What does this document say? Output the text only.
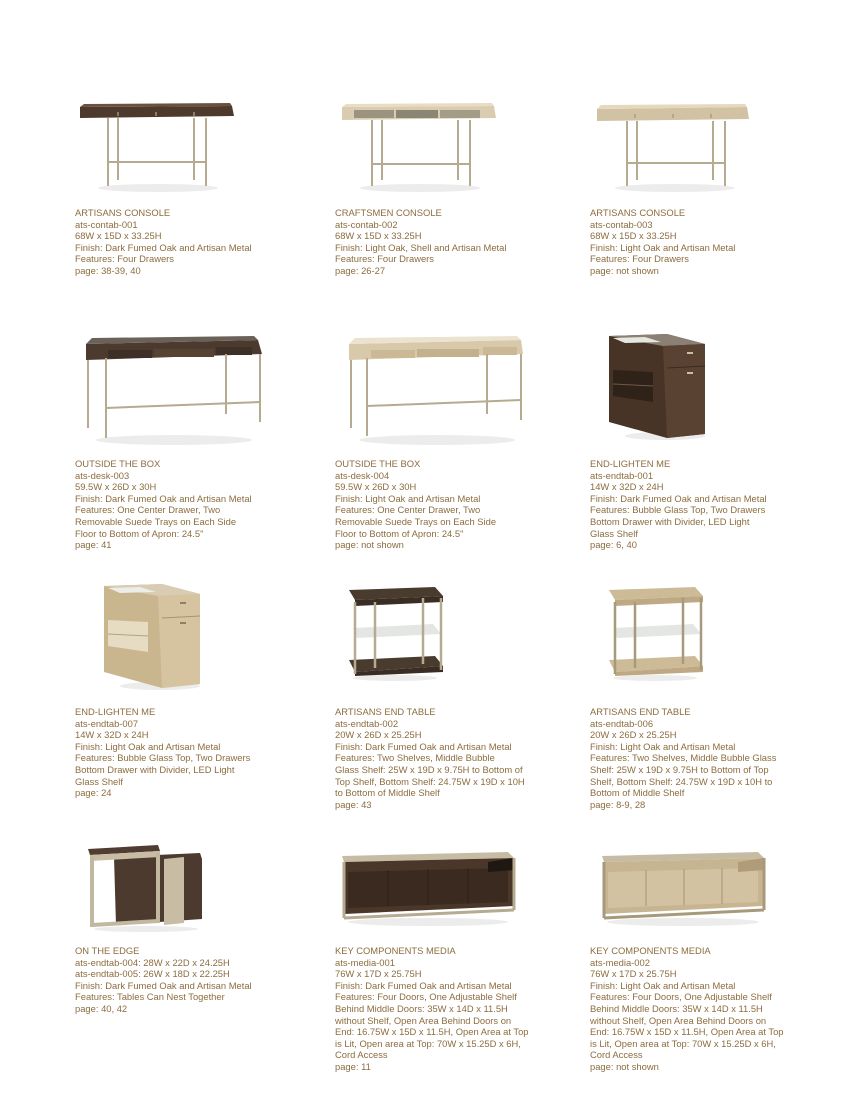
ARTISANS CONSOLE
ats-contab-001
68W x 15D x 33.25H
Finish: Dark Fumed Oak and Artisan Metal
Features: Four Drawers
page: 38-39, 40
CRAFTSMEN CONSOLE
ats-contab-002
68W x 15D x 33.25H
Finish: Light Oak, Shell and Artisan Metal
Features: Four Drawers
page: 26-27
ARTISANS CONSOLE
ats-contab-003
68W x 15D x 33.25H
Finish: Light Oak and Artisan Metal
Features: Four Drawers
page: not shown
OUTSIDE THE BOX
ats-desk-003
59.5W x 26D x 30H
Finish: Dark Fumed Oak and Artisan Metal
Features: One Center Drawer, Two
Removable Suede Trays on Each Side
Floor to Bottom of Apron: 24.5"
page: 41
OUTSIDE THE BOX
ats-desk-004
59.5W x 26D x 30H
Finish: Light Oak and Artisan Metal
Features: One Center Drawer, Two
Removable Suede Trays on Each Side
Floor to Bottom of Apron: 24.5"
page: not shown
END-LIGHTEN ME
ats-endtab-001
14W x 32D x 24H
Finish: Dark Fumed Oak and Artisan Metal
Features: Bubble Glass Top, Two Drawers
Bottom Drawer with Divider, LED Light
Glass Shelf
page: 6, 40
END-LIGHTEN ME
ats-endtab-007
14W x 32D x 24H
Finish: Light Oak and Artisan Metal
Features: Bubble Glass Top, Two Drawers
Bottom Drawer with Divider, LED Light
Glass Shelf
page: 24
ARTISANS END TABLE
ats-endtab-002
20W x 26D x 25.25H
Finish: Dark Fumed Oak and Artisan Metal
Features: Two Shelves, Middle Bubble
Glass Shelf: 25W x 19D x 9.75H to Bottom of
Top Shelf, Bottom Shelf: 24.75W x 19D x 10H
to Bottom of Middle Shelf
page: 43
ARTISANS END TABLE
ats-endtab-006
20W x 26D x 25.25H
Finish: Light Oak and Artisan Metal
Features: Two Shelves, Middle Bubble Glass
Shelf: 25W x 19D x 9.75H to Bottom of Top
Shelf, Bottom Shelf: 24.75W x 19D x 10H to
Bottom of Middle Shelf
page: 8-9, 28
ON THE EDGE
ats-endtab-004: 28W x 22D x 24.25H
ats-endtab-005: 26W x 18D x 22.25H
Finish: Dark Fumed Oak and Artisan Metal
Features: Tables Can Nest Together
page: 40, 42
KEY COMPONENTS MEDIA
ats-media-001
76W x 17D x 25.75H
Finish: Dark Fumed Oak and Artisan Metal
Features: Four Doors, One Adjustable Shelf
Behind Middle Doors: 35W x 14D x 11.5H
without Shelf, Open Area Behind Doors on
End: 16.75W x 15D x 11.5H, Open Area at Top
is Lit, Open area at Top: 70W x 15.25D x 6H,
Cord Access
page: 11
KEY COMPONENTS MEDIA
ats-media-002
76W x 17D x 25.75H
Finish: Light Oak and Artisan Metal
Features: Four Doors, One Adjustable Shelf
Behind Middle Doors: 35W x 14D x 11.5H
without Shelf, Open Area Behind Doors on
End: 16.75W x 15D x 11.5H, Open Area at Top
is Lit, Open area at Top: 70W x 15.25D x 6H,
Cord Access
page: not shown
